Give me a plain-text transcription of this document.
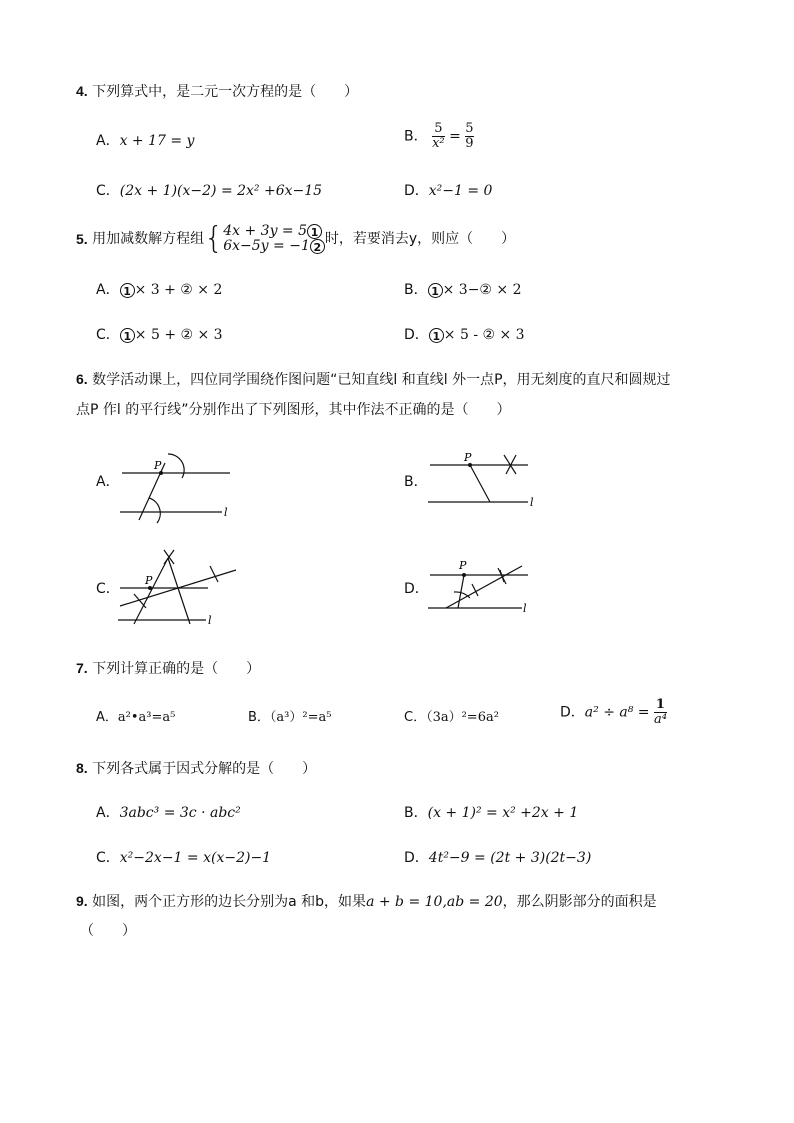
4. 下列算式中，是二元一次方程的是（　　）
A．x + 17 = y	B． $\frac{5}{\text{x²}} = \frac{5}{9}$
C．(2x + 1)(x−2) = 2x² +6x−15	D．x²−1 = 0
5. 用加减数解方程组{ 4x + 3y = 5 1
6x−5y = −1 2
时，若要消去y，则应（　　）
A． 1 × 3 + ② × 2	B． 1 × 3−② × 2
C． 1 × 5 + ② × 3	D． 1 × 5 - ② × 3
6. 数学活动课上，四位同学围绕作图问题“已知直线l 和直线l 外一点P，用无刻度的直尺和圆规过
点P 作l 的平行线”分别作出了下列图形，其中作法不正确的是（　　）
A．
P
l
B．
P
l
C．
P
l
D．
P
l
7. 下列计算正确的是（　　）
A．a²•a³=a⁵	B．（a³）²=a⁵	C．（3a）²=6a²	D．$a^2 \div a^8 = \frac{1}{\text{a⁴}}$
8. 下列各式属于因式分解的是（　　）
A．3abc³ = 3c · abc²	B．(x + 1)² = x² +2x + 1
C．x²−2x−1 = x(x−2)−1	D．4t²−9 = (2t + 3)(2t−3)
9. 如图，两个正方形的边长分别为a 和b，如果a + b = 10,ab = 20，那么阴影部分的面积是
（　　）
